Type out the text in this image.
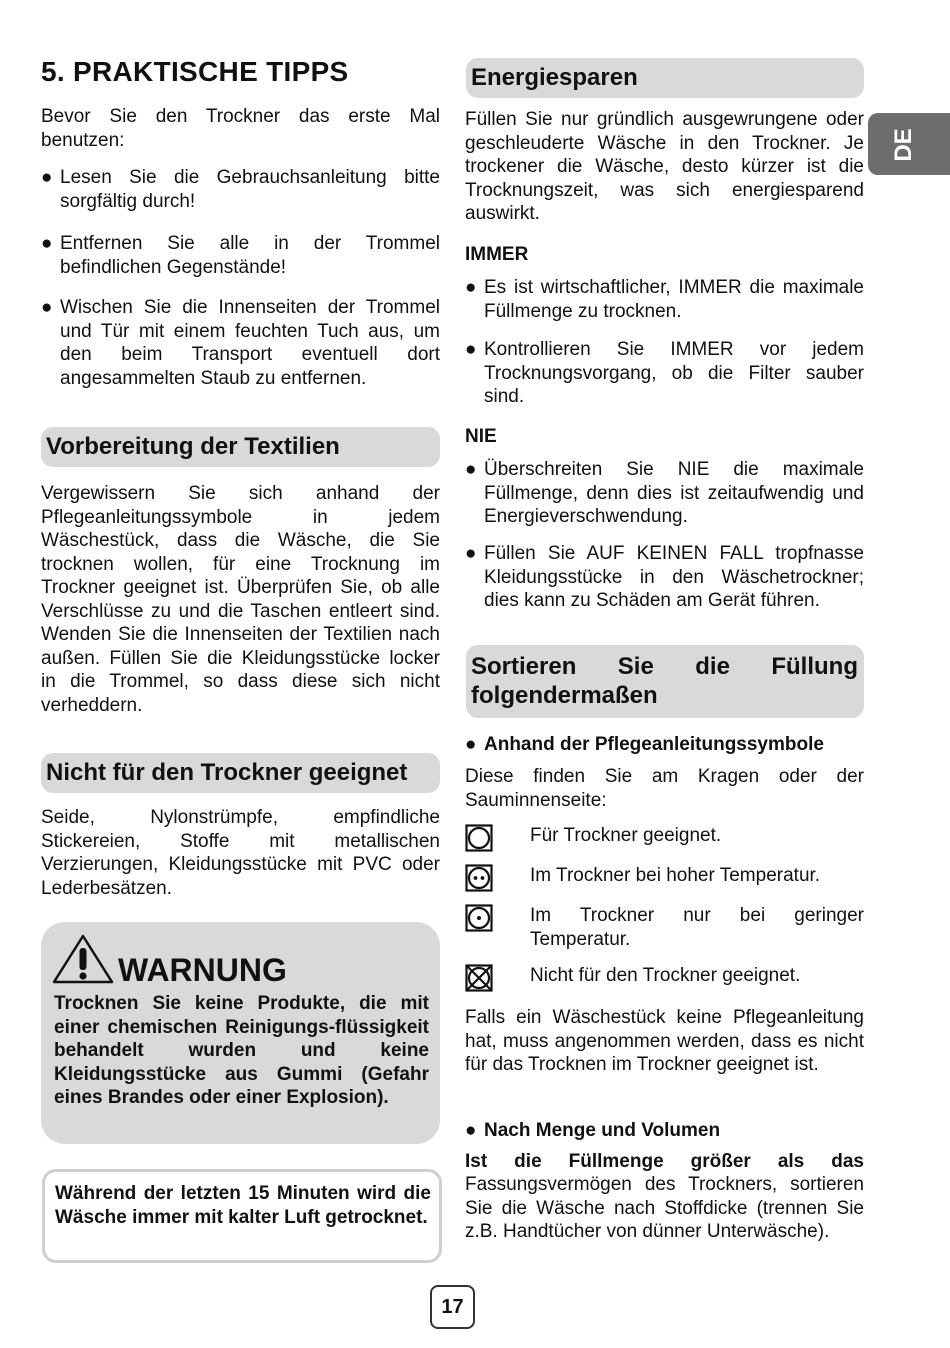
5. PRAKTISCHE TIPPS

Bevor Sie den Trockner das erste Mal benutzen:

● Lesen Sie die Gebrauchsanleitung bitte sorgfältig durch!

● Entfernen Sie alle in der Trommel befindlichen Gegenstände!

● Wischen Sie die Innenseiten der Trommel und Tür mit einem feuchten Tuch aus, um den beim Transport eventuell dort angesammelten Staub zu entfernen.

Vorbereitung der Textilien

Vergewissern Sie sich anhand der Pflegeanleitungssymbole in jedem Wäschestück, dass die Wäsche, die Sie trocknen wollen, für eine Trocknung im Trockner geeignet ist. Überprüfen Sie, ob alle Verschlüsse zu und die Taschen entleert sind. Wenden Sie die Innenseiten der Textilien nach außen. Füllen Sie die Kleidungsstücke locker in die Trommel, so dass diese sich nicht verheddern.

Nicht für den Trockner geeignet

Seide, Nylonstrümpfe, empfindliche Stickereien, Stoffe mit metallischen Verzierungen, Kleidungsstücke mit PVC oder Lederbesätzen.

WARNUNG

Trocknen Sie keine Produkte, die mit einer chemischen Reinigungs-flüssigkeit behandelt wurden und keine Kleidungsstücke aus Gummi (Gefahr eines Brandes oder einer Explosion).

Während der letzten 15 Minuten wird die Wäsche immer mit kalter Luft getrocknet.

Energiesparen

Füllen Sie nur gründlich ausgewrungene oder geschleuderte Wäsche in den Trockner. Je trockener die Wäsche, desto kürzer ist die Trocknungszeit, was sich energiesparend auswirkt.

IMMER
● Es ist wirtschaftlicher, IMMER die maximale Füllmenge zu trocknen.

● Kontrollieren Sie IMMER vor jedem Trocknungsvorgang, ob die Filter sauber sind.

NIE
● Überschreiten Sie NIE die maximale Füllmenge, denn dies ist zeitaufwendig und Energieverschwendung.

● Füllen Sie AUF KEINEN FALL tropfnasse Kleidungsstücke in den Wäschetrockner; dies kann zu Schäden am Gerät führen.

Sortieren Sie die Füllung folgendermaßen
● Anhand der Pflegeanleitungssymbole

Diese finden Sie am Kragen oder der Sauminnenseite:

Für Trockner geeignet.
Im Trockner bei hoher Temperatur.
Im Trockner nur bei geringer Temperatur.
Nicht für den Trockner geeignet.

Falls ein Wäschestück keine Pflegeanleitung hat, muss angenommen werden, dass es nicht für das Trocknen im Trockner geeignet ist.

● Nach Menge und Volumen

Ist die Füllmenge größer als das

Fassungsvermögen des Trockners, sortieren Sie die Wäsche nach Stoffdicke (trennen Sie z.B. Handtücher von dünner Unterwäsche).

DE
17
